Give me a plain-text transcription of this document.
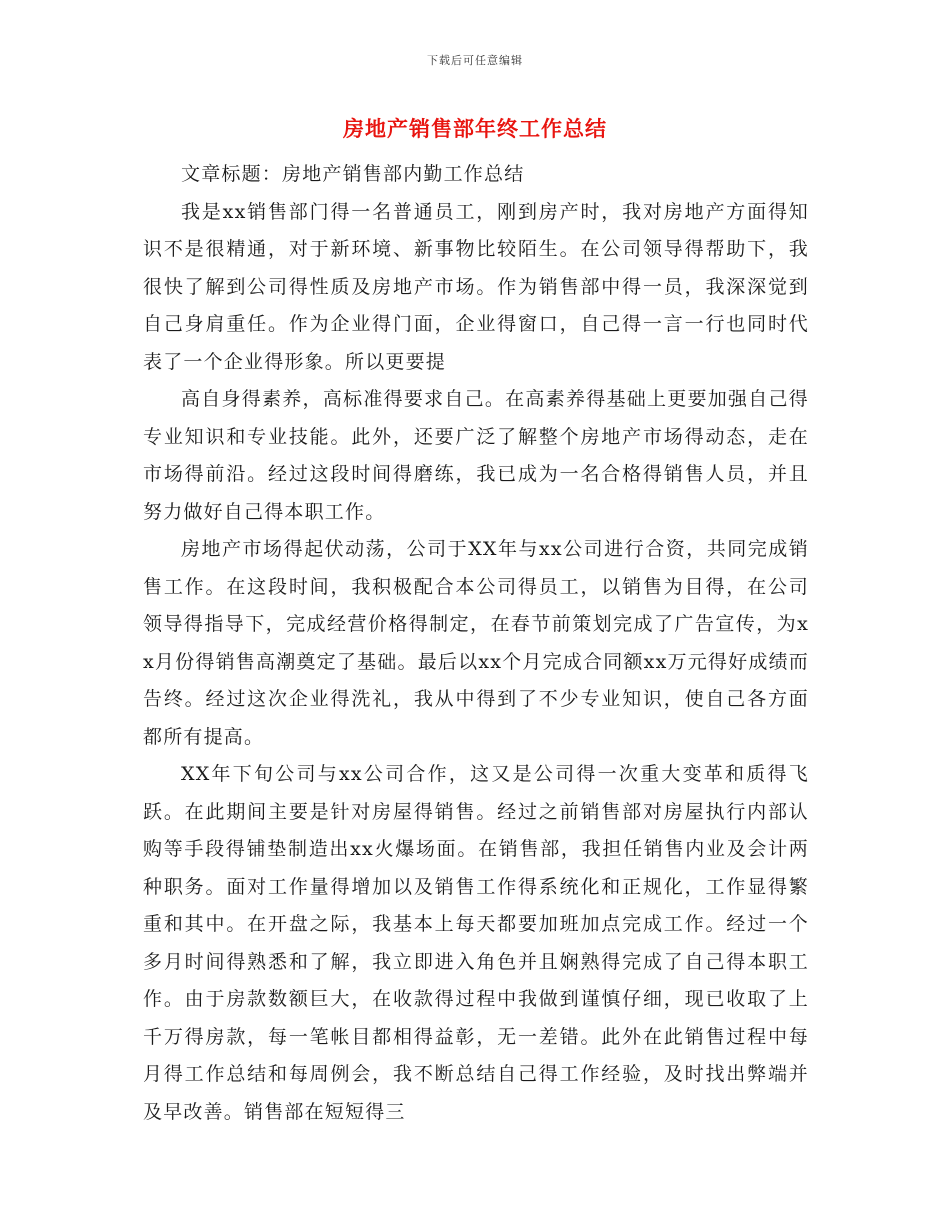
下载后可任意编辑
房地产销售部年终工作总结

文章标题：房地产销售部内勤工作总结

我是xx销售部门得一名普通员工，刚到房产时，我对房地产方面得知识不是很精通，对于新环境、新事物比较陌生。在公司领导得帮助下，我很快了解到公司得性质及房地产市场。作为销售部中得一员，我深深觉到自己身肩重任。作为企业得门面，企业得窗口，自己得一言一行也同时代表了一个企业得形象。所以更要提

高自身得素养，高标准得要求自己。在高素养得基础上更要加强自己得专业知识和专业技能。此外，还要广泛了解整个房地产市场得动态，走在市场得前沿。经过这段时间得磨练，我已成为一名合格得销售人员，并且努力做好自己得本职工作。

房地产市场得起伏动荡，公司于XX年与xx公司进行合资，共同完成销售工作。在这段时间，我积极配合本公司得员工，以销售为目得，在公司领导得指导下，完成经营价格得制定，在春节前策划完成了广告宣传，为xx月份得销售高潮奠定了基础。最后以xx个月完成合同额xx万元得好成绩而告终。经过这次企业得洗礼，我从中得到了不少专业知识，使自己各方面都所有提高。

XX年下旬公司与xx公司合作，这又是公司得一次重大变革和质得飞跃。在此期间主要是针对房屋得销售。经过之前销售部对房屋执行内部认购等手段得铺垫制造出xx火爆场面。在销售部，我担任销售内业及会计两种职务。面对工作量得增加以及销售工作得系统化和正规化，工作显得繁重和其中。在开盘之际，我基本上每天都要加班加点完成工作。经过一个多月时间得熟悉和了解，我立即进入角色并且娴熟得完成了自己得本职工作。由于房款数额巨大，在收款得过程中我做到谨慎仔细，现已收取了上千万得房款，每一笔帐目都相得益彰，无一差错。此外在此销售过程中每月得工作总结和每周例会，我不断总结自己得工作经验，及时找出弊端并及早改善。销售部在短短得三
